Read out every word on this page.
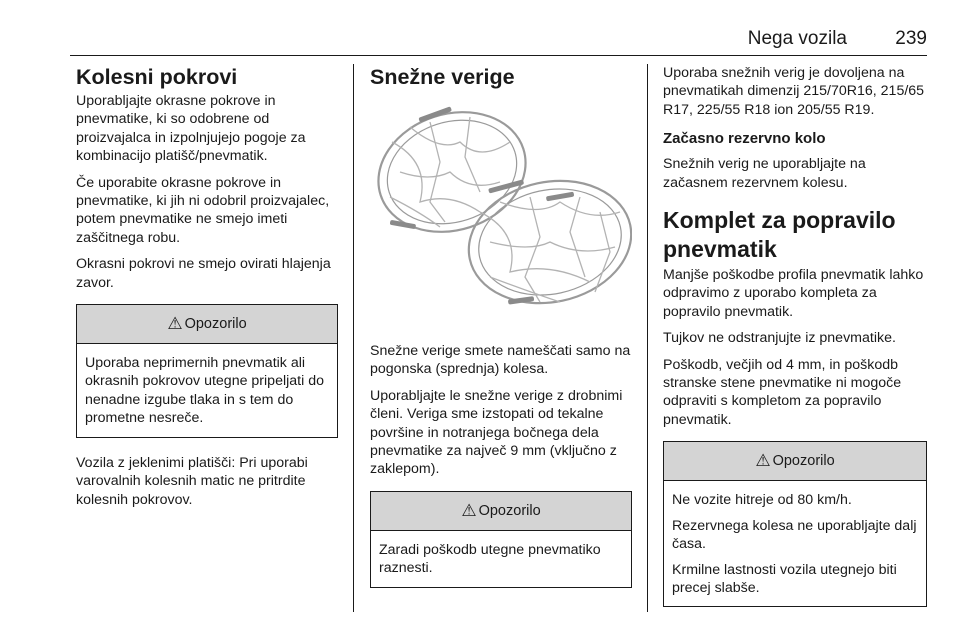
Nega vozila	239
Kolesni pokrovi

Uporabljajte okrasne pokrove in pnevmatike, ki so odobrene od proizvajalca in izpolnjujejo pogoje za kombinacijo platišč/pnevmatik.

Če uporabite okrasne pokrove in pnevmatike, ki jih ni odobril proizvajalec, potem pnevmatike ne smejo imeti zaščitnega robu.

Okrasni pokrovi ne smejo ovirati hlajenja zavor.

⚠ Opozorilo

Uporaba neprimernih pnevmatik ali okrasnih pokrovov utegne pripeljati do nenadne izgube tlaka in s tem do prometne nesreče.

Vozila z jeklenimi platišči: Pri uporabi varovalnih kolesnih matic ne pritrdite kolesnih pokrovov.

Snežne verige

Snežne verige smete nameščati samo na pogonska (sprednja) kolesa.

Uporabljajte le snežne verige z drobnimi členi. Veriga sme izstopati od tekalne površine in notranjega bočnega dela pnevmatike za največ 9 mm (vključno z zaklepom).

⚠ Opozorilo

Zaradi poškodb utegne pnevmatiko raznesti.

Uporaba snežnih verig je dovoljena na pnevmatikah dimenzij 215/70R16, 215/65 R17, 225/55 R18 ion 205/55 R19.

Začasno rezervno kolo

Snežnih verig ne uporabljajte na začasnem rezervnem kolesu.

Komplet za popravilo pnevmatik

Manjše poškodbe profila pnevmatik lahko odpravimo z uporabo kompleta za popravilo pnevmatik.

Tujkov ne odstranjujte iz pnevmatike.

Poškodb, večjih od 4 mm, in poškodb stranske stene pnevmatike ni mogoče odpraviti s kompletom za popravilo pnevmatik.

⚠ Opozorilo

Ne vozite hitreje od 80 km/h.

Rezervnega kolesa ne uporabljajte dalj časa.

Krmilne lastnosti vozila utegnejo biti precej slabše.
